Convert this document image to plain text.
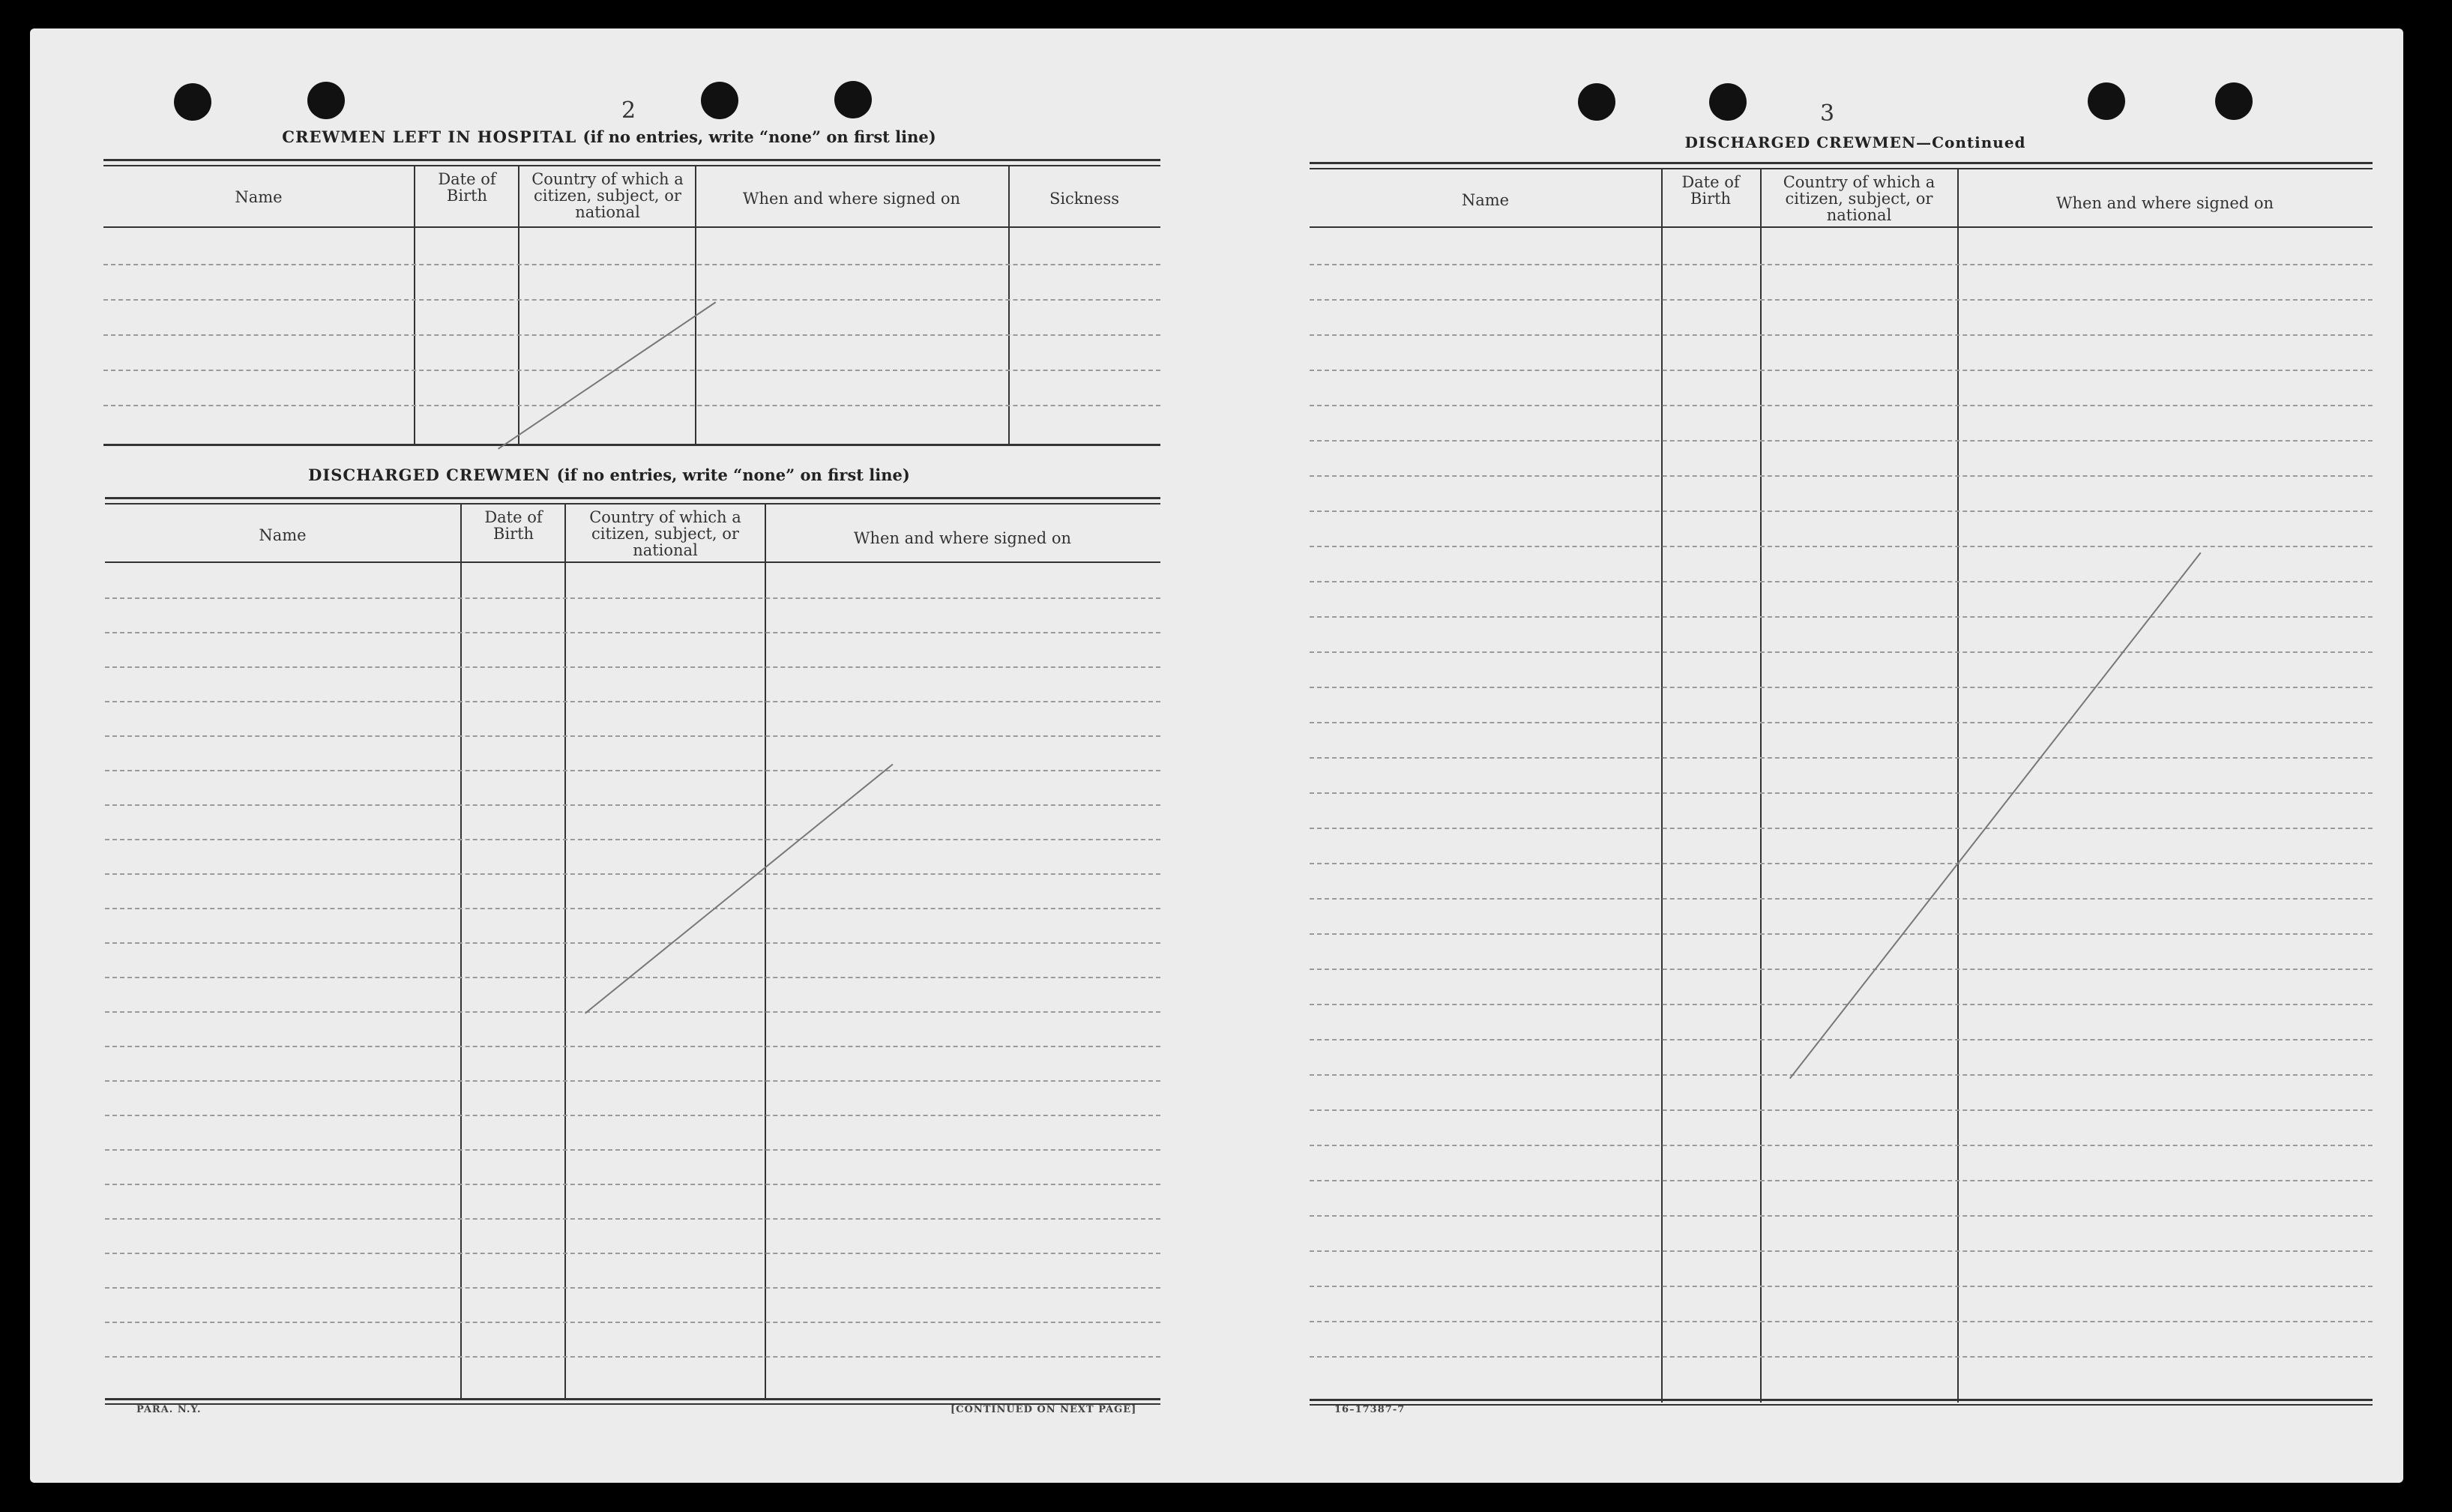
2
CREWMEN LEFT IN HOSPITAL (if no entries, write “none” on first line)
Name
Date of Birth
Country of which a citizen, subject, or national
When and where signed on	Sickness
DISCHARGED CREWMEN (if no entries, write “none” on first line)
Name
Date of Birth
Country of which a citizen, subject, or national
When and where signed on
PARA. N.Y.	[CONTINUED ON NEXT PAGE]
3
DISCHARGED CREWMEN—Continued
Name
Date of Birth
Country of which a citizen, subject, or national
When and where signed on
16–17387-7
